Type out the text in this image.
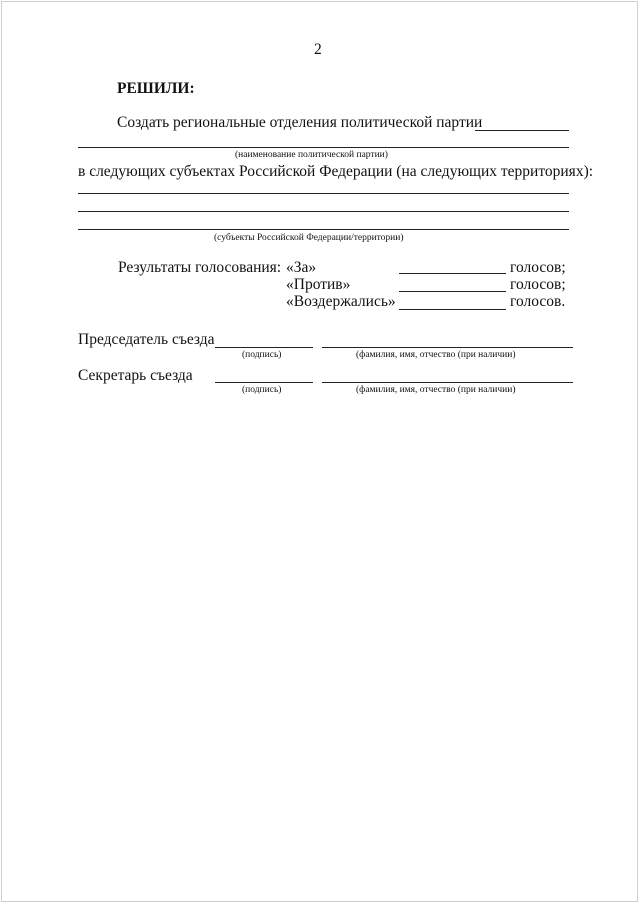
2
РЕШИЛИ:
Создать региональные отделения политической партии
(наименование политической партии)
в следующих субъектах Российской Федерации (на следующих территориях):
(субъекты Российской Федерации/территории)
Результаты голосования: «За»	голосов;
«Против»	голосов;
«Воздержались»	голосов.
Председатель съезда
(подпись)	(фамилия, имя, отчество (при наличии)
Секретарь съезда
(подпись)	(фамилия, имя, отчество (при наличии)
